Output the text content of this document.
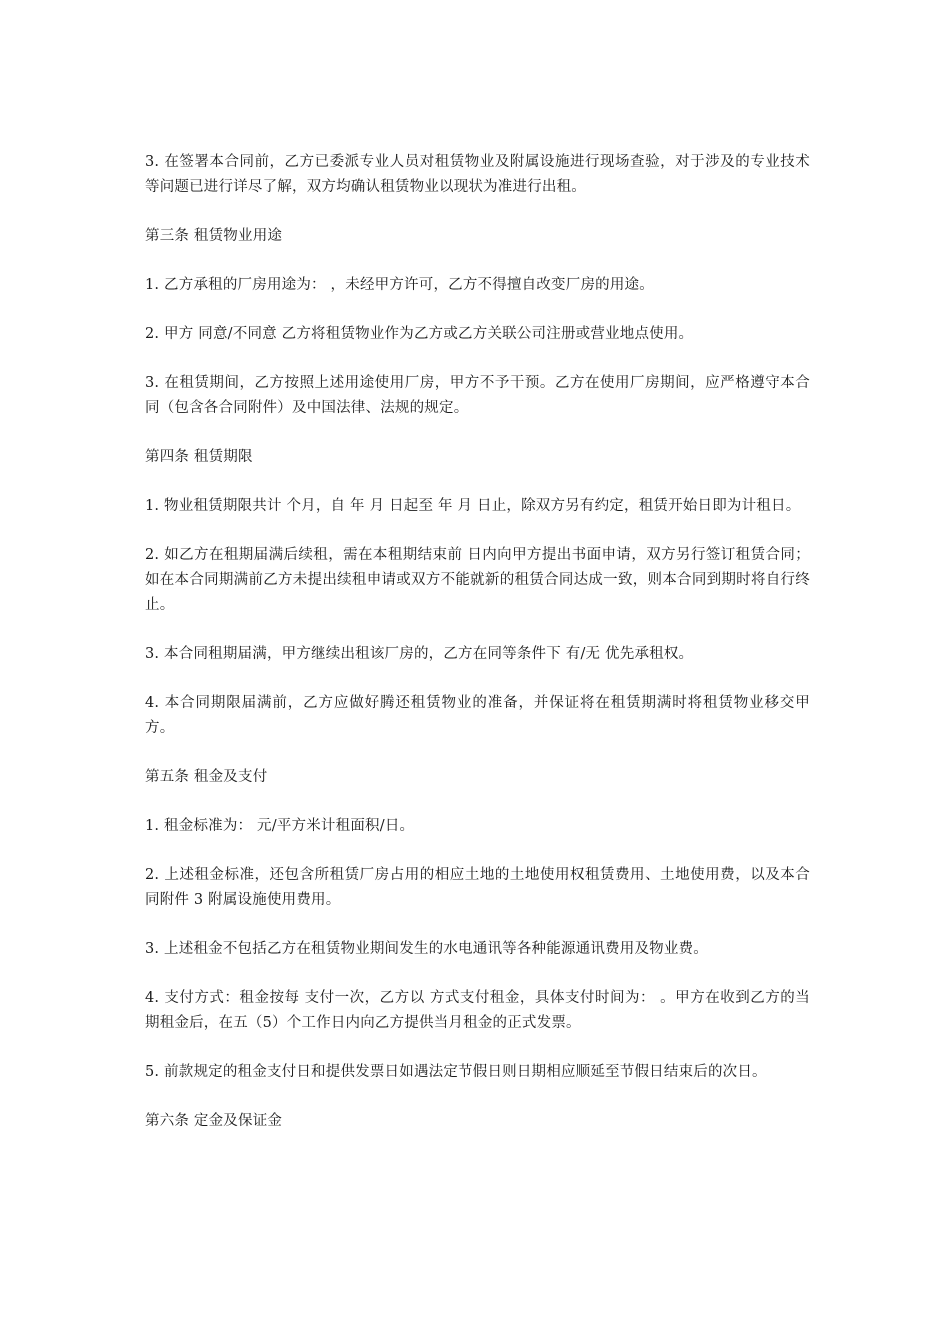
3. 在签署本合同前，乙方已委派专业人员对租赁物业及附属设施进行现场查验，对于涉及的专业技术等问题已进行详尽了解，双方均确认租赁物业以现状为准进行出租。

第三条 租赁物业用途

1. 乙方承租的厂房用途为： ，未经甲方许可，乙方不得擅自改变厂房的用途。

2. 甲方 同意/不同意 乙方将租赁物业作为乙方或乙方关联公司注册或营业地点使用。

3. 在租赁期间，乙方按照上述用途使用厂房，甲方不予干预。乙方在使用厂房期间，应严格遵守本合同（包含各合同附件）及中国法律、法规的规定。

第四条 租赁期限

1. 物业租赁期限共计 个月，自 年 月 日起至 年 月 日止，除双方另有约定，租赁开始日即为计租日。

2. 如乙方在租期届满后续租，需在本租期结束前 日内向甲方提出书面申请，双方另行签订租赁合同；如在本合同期满前乙方未提出续租申请或双方不能就新的租赁合同达成一致，则本合同到期时将自行终止。

3. 本合同租期届满，甲方继续出租该厂房的，乙方在同等条件下 有/无 优先承租权。

4. 本合同期限届满前，乙方应做好腾还租赁物业的准备，并保证将在租赁期满时将租赁物业移交甲方。

第五条 租金及支付

1. 租金标准为： 元/平方米计租面积/日。

2. 上述租金标准，还包含所租赁厂房占用的相应土地的土地使用权租赁费用、土地使用费，以及本合同附件 3 附属设施使用费用。

3. 上述租金不包括乙方在租赁物业期间发生的水电通讯等各种能源通讯费用及物业费。

4. 支付方式：租金按每 支付一次，乙方以 方式支付租金，具体支付时间为： 。甲方在收到乙方的当期租金后，在五（5）个工作日内向乙方提供当月租金的正式发票。

5. 前款规定的租金支付日和提供发票日如遇法定节假日则日期相应顺延至节假日结束后的次日。

第六条 定金及保证金
